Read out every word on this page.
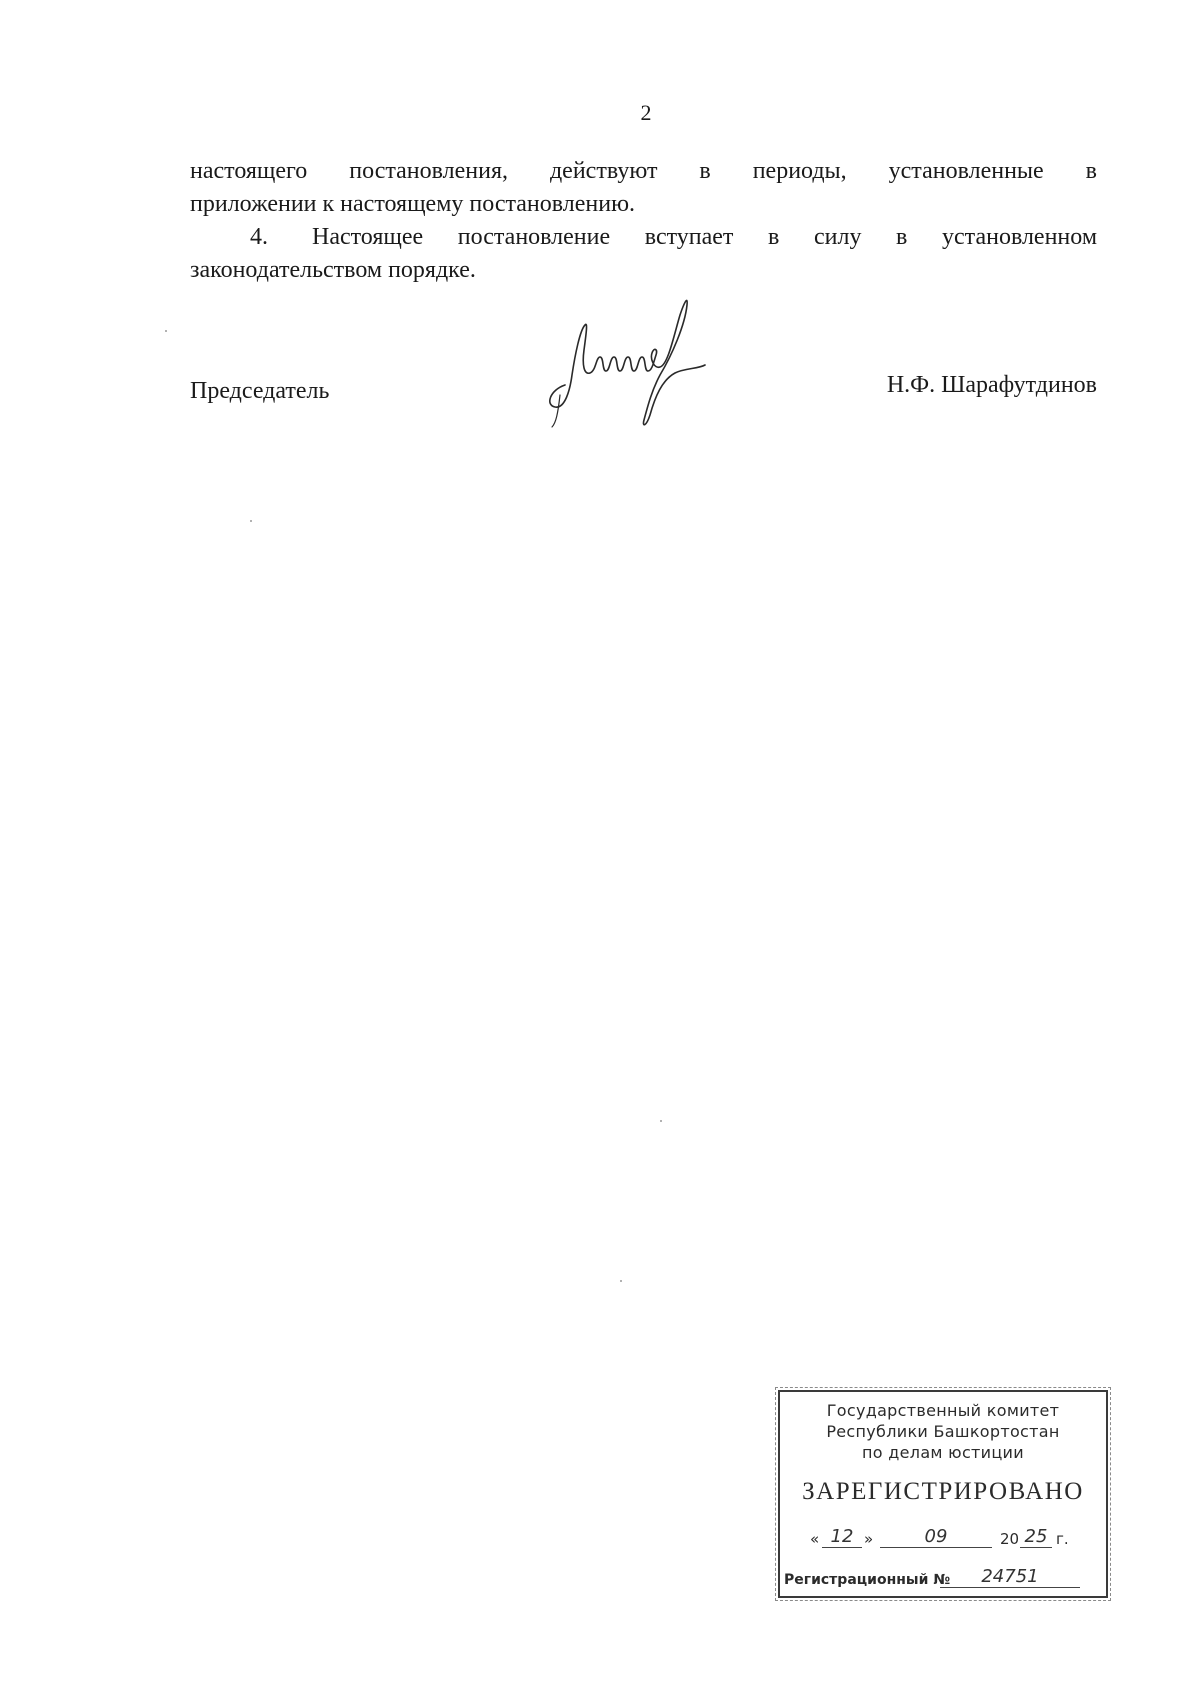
2

настоящего постановления, действуют в периоды, установленные в
приложении к настоящему постановлению.

4. Настоящее постановление вступает в силу в установленном
законодательством порядке.

Председатель	Н.Ф. Шарафутдинов
Государственный комитет
Республики Башкортостан
по делам юстиции
ЗАРЕГИСТРИРОВАНО
« 12 »	09	20 25 г.
Регистрационный №	24751
